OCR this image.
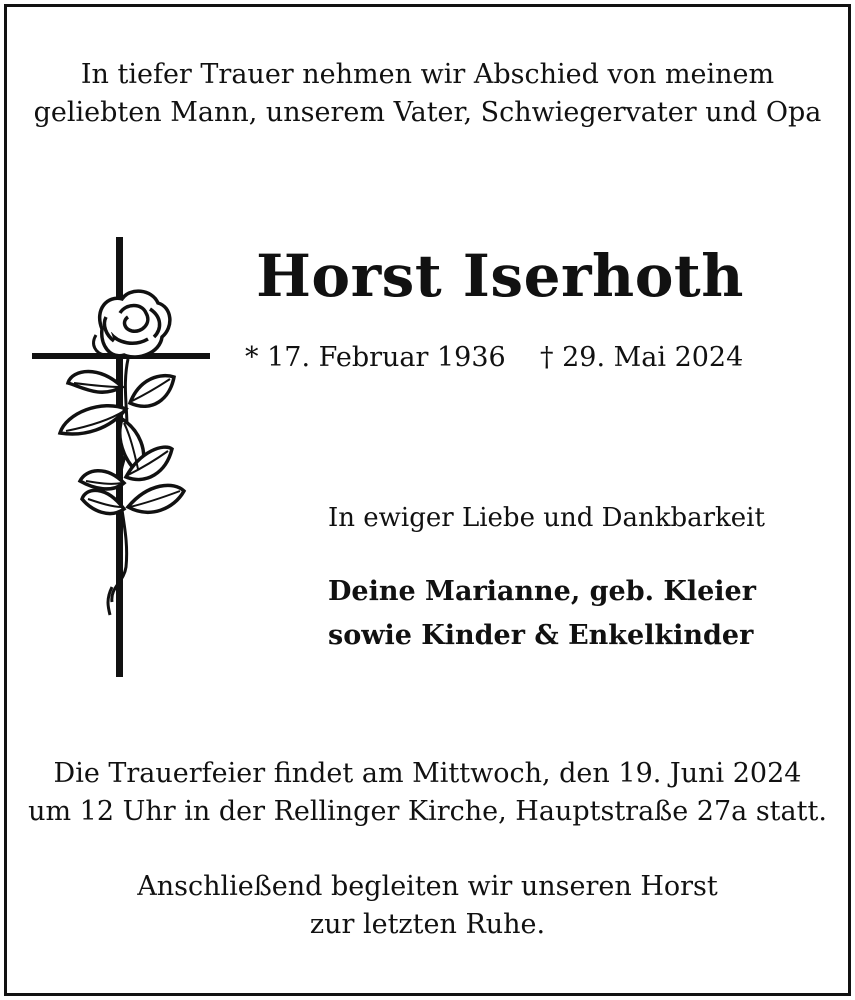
In tiefer Trauer nehmen wir Abschied von meinem
geliebten Mann, unserem Vater, Schwiegervater und Opa
Horst Iserhoth
* 17. Februar 1936 † 29. Mai 2024
In ewiger Liebe und Dankbarkeit
Deine Marianne, geb. Kleier
sowie Kinder & Enkelkinder
Die Trauerfeier findet am Mittwoch, den 19. Juni 2024
um 12 Uhr in der Rellinger Kirche, Hauptstraße 27a statt.
Anschließend begleiten wir unseren Horst
zur letzten Ruhe.
